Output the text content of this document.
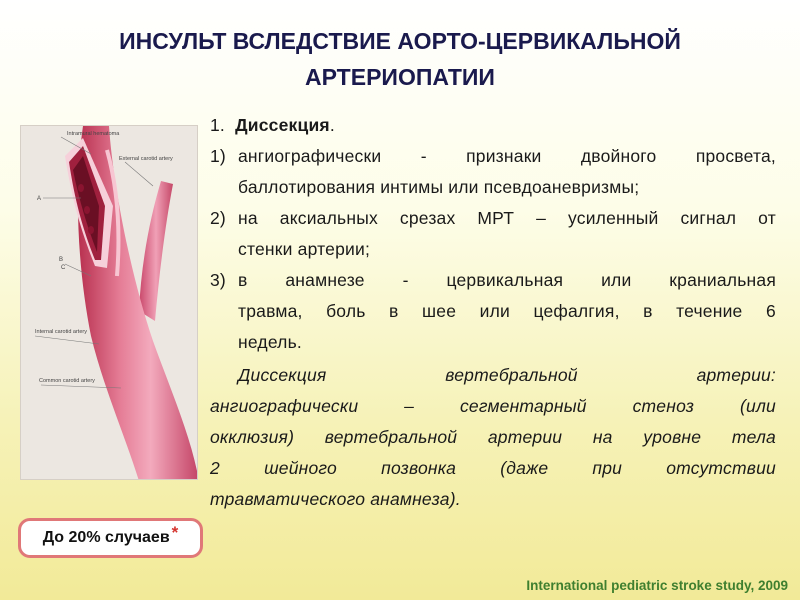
ИНСУЛЬТ ВСЛЕДСТВИЕ АОРТО-ЦЕРВИКАЛЬНОЙ
АРТЕРИОПАТИИ
Intramural hematoma
External carotid artery
A
B
C
Internal carotid artery
Common carotid artery
1. Диссекция.
1) ангиографически - признаки двойного просвета,
баллотирования интимы или псевдоаневризмы;
2) на аксиальных срезах МРТ – усиленный сигнал от
стенки артерии;
3) в анамнезе - цервикальная или краниальная
травма, боль в шее или цефалгия, в течение 6
недель.
Диссекция	вертебральной	артерии:
ангиографически	–	сегментарный	стеноз	(или
окклюзия) вертебральной артерии на уровне тела
2	шейного	позвонка	(даже	при	отсутствии
травматического анамнеза).
До 20% случаев *
International pediatric stroke study, 2009
